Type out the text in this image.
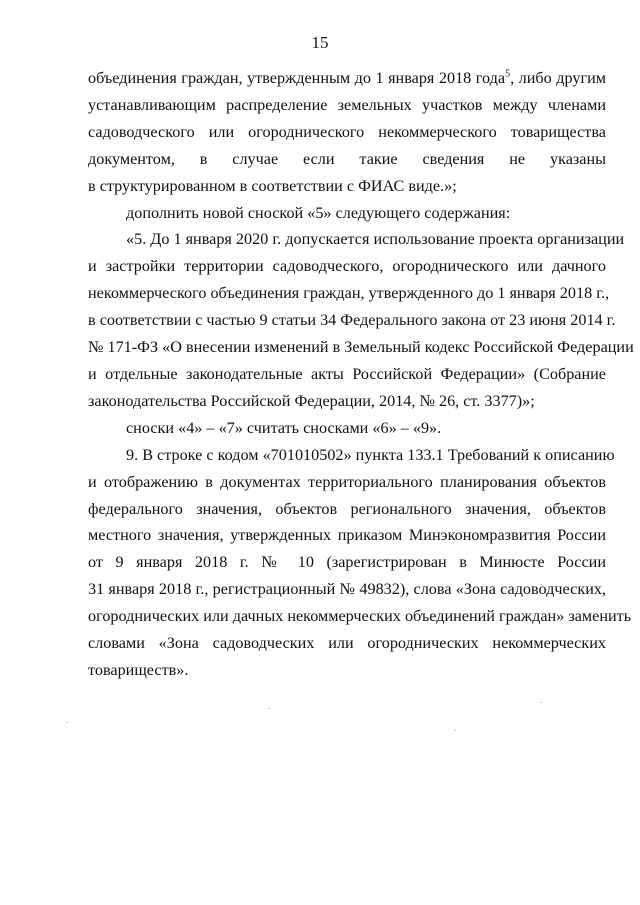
15

объединения граждан, утвержденным до 1 января 2018 года$^5$, либо другим
устанавливающим распределение земельных участков между членами
садоводческого или огороднического некоммерческого товарищества
документом, в случае если такие сведения не указаны
в структурированном в соответствии с ФИАС виде.»;

дополнить новой сноской «5» следующего содержания:

«5. До 1 января 2020 г. допускается использование проекта организации
и застройки территории садоводческого, огороднического или дачного
некоммерческого объединения граждан, утвержденного до 1 января 2018 г.,
в соответствии с частью 9 статьи 34 Федерального закона от 23 июня 2014 г.
№ 171-ФЗ «О внесении изменений в Земельный кодекс Российской Федерации
и отдельные законодательные акты Российской Федерации» (Собрание
законодательства Российской Федерации, 2014, № 26, ст. 3377)»;

сноски «4» – «7» считать сносками «6» – «9».

9. В строке с кодом «701010502» пункта 133.1 Требований к описанию
и отображению в документах территориального планирования объектов
федерального значения, объектов регионального значения, объектов
местного значения, утвержденных приказом Минэкономразвития России
от 9 января 2018 г. № 10 (зарегистрирован в Минюсте России
31 января 2018 г., регистрационный № 49832), слова «Зона садоводческих,
огороднических или дачных некоммерческих объединений граждан» заменить
словами «Зона садоводческих или огороднических некоммерческих
товариществ».
